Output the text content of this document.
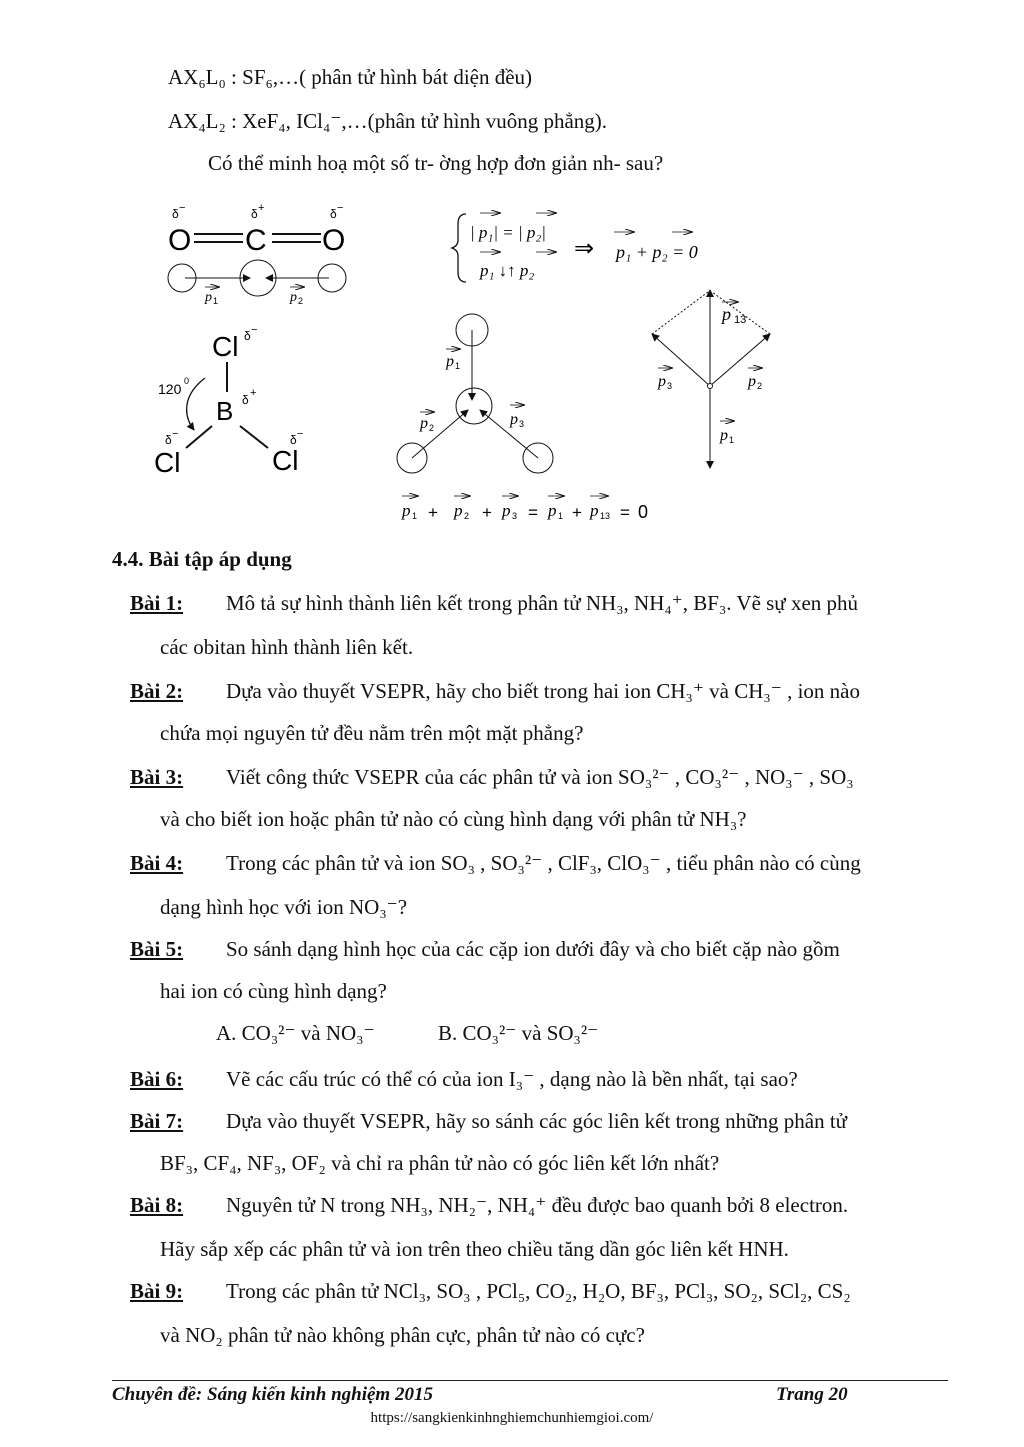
AX₆L₀ : SF₆,…( phân tử hình bát diện đều)
AX₄L₂ : XeF₄, ICl₄⁻,…(phân tử hình vuông phẳng).
Có thể minh hoạ một số tr- ờng hợp đơn giản nh- sau?
δ −	δ +	δ −
O C O
p 1	p 2
| p₁| = | p₂|
p₁ ↓↑ p₂
⇒ p₁ + p₂ = 0
Cl δ −
120 0
B δ +
δ −	δ −
Cl	Cl
p 1
p 2	p 3
p 13
p 3	p 2
p 1
p 1 + p 2 + p 3 = p 1 + p 13 = 0
4.4. Bài tập áp dụng
Bài 1: Mô tả sự hình thành liên kết trong phân tử NH₃, NH₄⁺, BF₃. Vẽ sự xen phủ
các obitan hình thành liên kết.
Bài 2: Dựa vào thuyết VSEPR, hãy cho biết trong hai ion CH₃⁺ và CH₃⁻ , ion nào
chứa mọi nguyên tử đều nằm trên một mặt phẳng?
Bài 3: Viết công thức VSEPR của các phân tử và ion SO₃²⁻ , CO₃²⁻ , NO₃⁻ , SO₃
và cho biết ion hoặc phân tử nào có cùng hình dạng với phân tử NH₃?
Bài 4: Trong các phân tử và ion SO₃ , SO₃²⁻ , ClF₃, ClO₃⁻ , tiểu phân nào có cùng
dạng hình học với ion NO₃⁻?
Bài 5: So sánh dạng hình học của các cặp ion dưới đây và cho biết cặp nào gồm
hai ion có cùng hình dạng?
A. CO₃²⁻ và NO₃⁻	B. CO₃²⁻ và SO₃²⁻
Bài 6: Vẽ các cấu trúc có thể có của ion I₃⁻ , dạng nào là bền nhất, tại sao?
Bài 7: Dựa vào thuyết VSEPR, hãy so sánh các góc liên kết trong những phân tử
BF₃, CF₄, NF₃, OF₂ và chỉ ra phân tử nào có góc liên kết lớn nhất?
Bài 8: Nguyên tử N trong NH₃, NH₂⁻, NH₄⁺ đều được bao quanh bởi 8 electron.
Hãy sắp xếp các phân tử và ion trên theo chiều tăng dần góc liên kết HNH.
Bài 9: Trong các phân tử NCl₃, SO₃ , PCl₅, CO₂, H₂O, BF₃, PCl₃, SO₂, SCl₂, CS₂
và NO₂ phân tử nào không phân cực, phân tử nào có cực?
Chuyên đề: Sáng kiến kinh nghiệm 2015	Trang 20
https://sangkienkinhnghiemchunhiemgioi.com/
